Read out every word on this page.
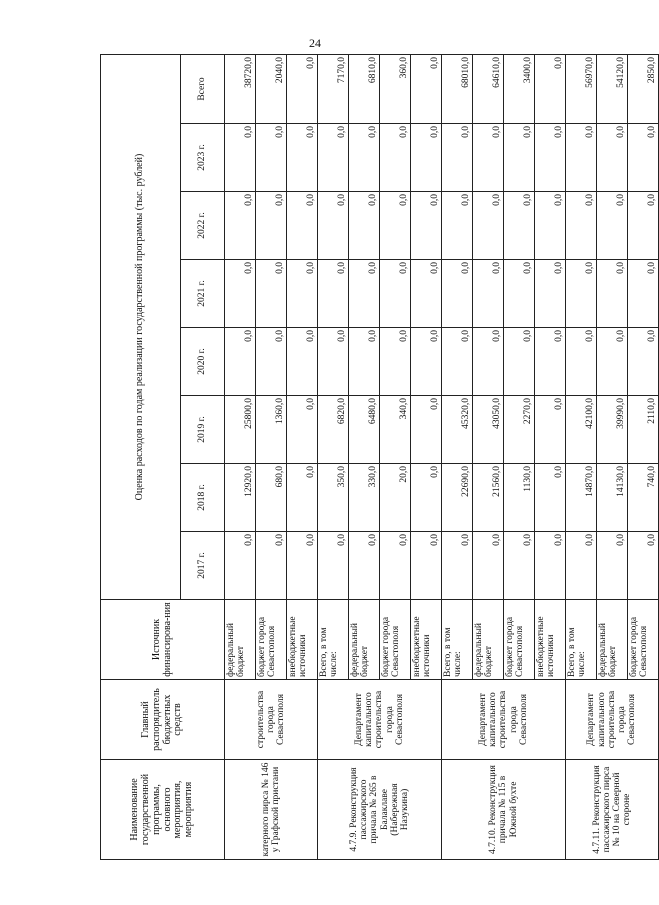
24
Наименование государственной программы, основного мероприятия, мероприятия	Главный распорядитель бюджетных средств	Источник финансирова-ния	Оценка расходов по годам реализации государственной программы (тыс. рублей)							
			2017 г.	2018 г.	2019 г.	2020 г.	2021 г.	2022 г.	2023 г.	Всего
катерного пирса № 146 у Графской пристани	строительства города Севастополя	федеральный бюджет	0,0	12920,0	25800,0	0,0	0,0	0,0	0,0	38720,0
		бюджет города Севастополя	0,0	680,0	1360,0	0,0	0,0	0,0	0,0	2040,0
		внебюджетные источники	0,0	0,0	0,0	0,0	0,0	0,0	0,0	0,0
4.7.9. Реконструкция пассажирского причала № 265 в Балаклаве (Набережная Назукина)	Департамент капитального строительства города Севастополя	Всего, в том числе:	0,0	350,0	6820,0	0,0	0,0	0,0	0,0	7170,0
		федеральный бюджет	0,0	330,0	6480,0	0,0	0,0	0,0	0,0	6810,0
		бюджет города Севастополя	0,0	20,0	340,0	0,0	0,0	0,0	0,0	360,0
		внебюджетные источники	0,0	0,0	0,0	0,0	0,0	0,0	0,0	0,0
4.7.10. Реконструкция причала № 115 в Южной бухте	Департамент капитального строительства города Севастополя	Всего, в том числе:	0,0	22690,0	45320,0	0,0	0,0	0,0	0,0	68010,0
		федеральный бюджет	0,0	21560,0	43050,0	0,0	0,0	0,0	0,0	64610,0
		бюджет города Севастополя	0,0	1130,0	2270,0	0,0	0,0	0,0	0,0	3400,0
		внебюджетные источники	0,0	0,0	0,0	0,0	0,0	0,0	0,0	0,0
4.7.11. Реконструкция пассажирского пирса № 10 на Северной стороне	Департамент капитального строительства города Севастополя	Всего, в том числе:	0,0	14870,0	42100,0	0,0	0,0	0,0	0,0	56970,0
		федеральный бюджет	0,0	14130,0	39990,0	0,0	0,0	0,0	0,0	54120,0
		бюджет города Севастополя	0,0	740,0	2110,0	0,0	0,0	0,0	0,0	2850,0
